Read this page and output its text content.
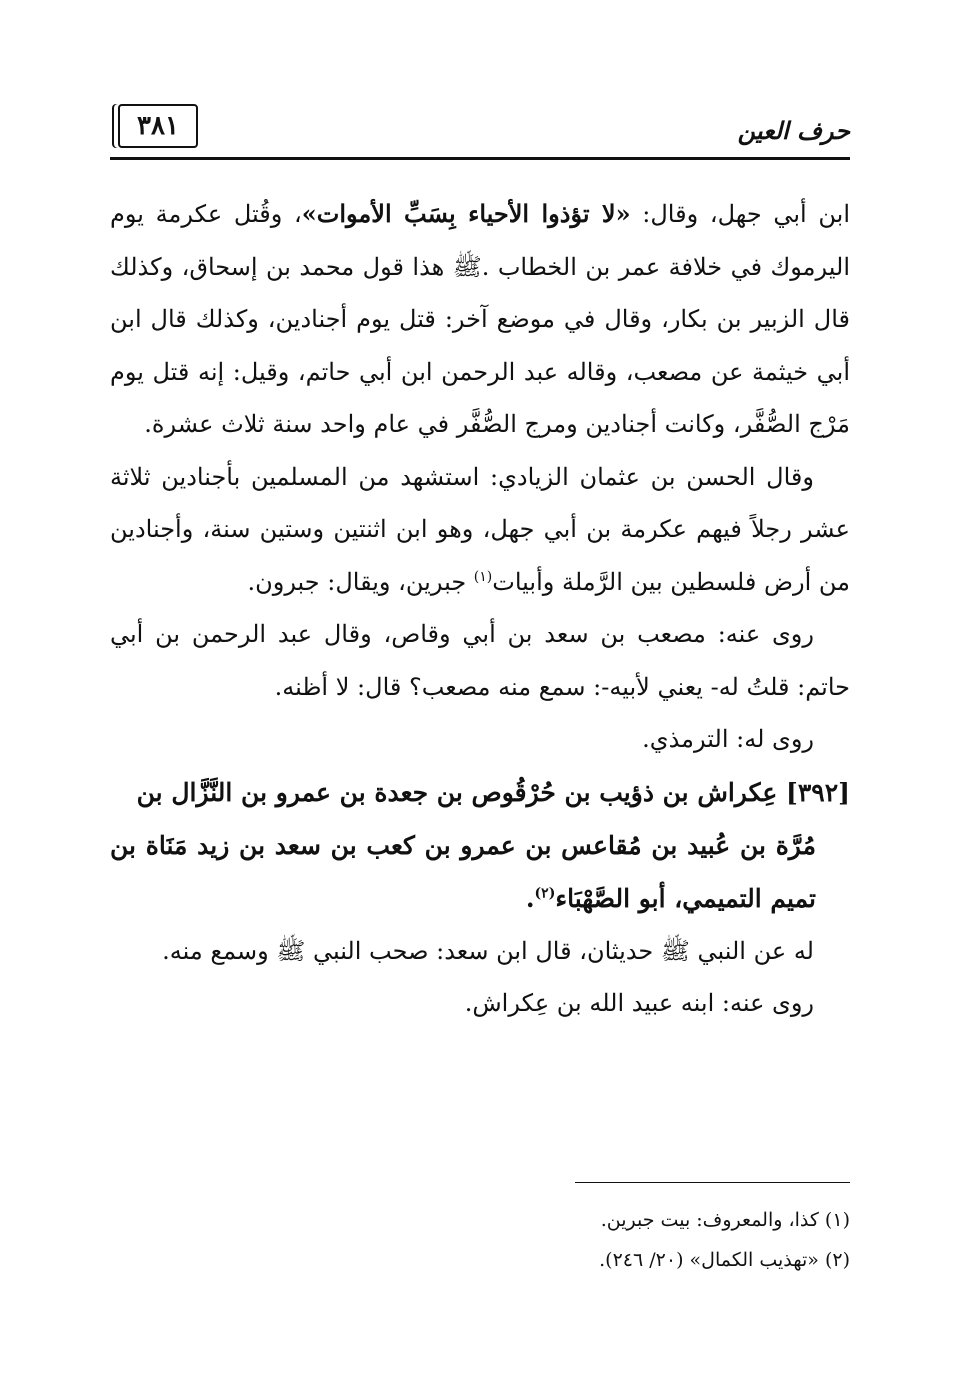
٣٨١	حرف العين

ابن أبي جهل، وقال: «لا تؤذوا الأحياء بِسَبِّ الأموات»، وقُتل عكرمة يوم اليرموك في خلافة عمر بن الخطاب .ﷺ هذا قول محمد بن إسحاق، وكذلك قال الزبير بن بكار، وقال في موضع آخر: قتل يوم أجنادين، وكذلك قال ابن أبي خيثمة عن مصعب، وقاله عبد الرحمن ابن أبي حاتم، وقيل: إنه قتل يوم مَرْج الصُّفَّر، وكانت أجنادين ومرج الصُّفَّر في عام واحد سنة ثلاث عشرة.

وقال الحسن بن عثمان الزيادي: استشهد من المسلمين بأجنادين ثلاثة عشر رجلاً فيهم عكرمة بن أبي جهل، وهو ابن اثنتين وستين سنة، وأجنادين من أرض فلسطين بين الرَّملة وأبيات$^{(١)}$ جبرين، ويقال: جبرون.

روى عنه: مصعب بن سعد بن أبي وقاص، وقال عبد الرحمن بن أبي حاتم: قلتُ له- يعني لأبيه-: سمع منه مصعب؟ قال: لا أظنه.

روى له: الترمذي.

[٣٩٢] عِكراش بن ذؤيب بن حُرْقُوص بن جعدة بن عمرو بن النَّزَّال بن

مُرَّة بن عُبيد بن مُقاعس بن عمرو بن كعب بن سعد بن زيد مَنَاة بن تميم التميمي، أبو الصَّهْبَاء$^{(٢)}$.

له عن النبي ﷺ حديثان، قال ابن سعد: صحب النبي ﷺ وسمع منه.

روى عنه: ابنه عبيد الله بن عِكراش.

(١) كذا، والمعروف: بيت جبرين.

(٢) «تهذيب الكمال» (٢٠/ ٢٤٦).
